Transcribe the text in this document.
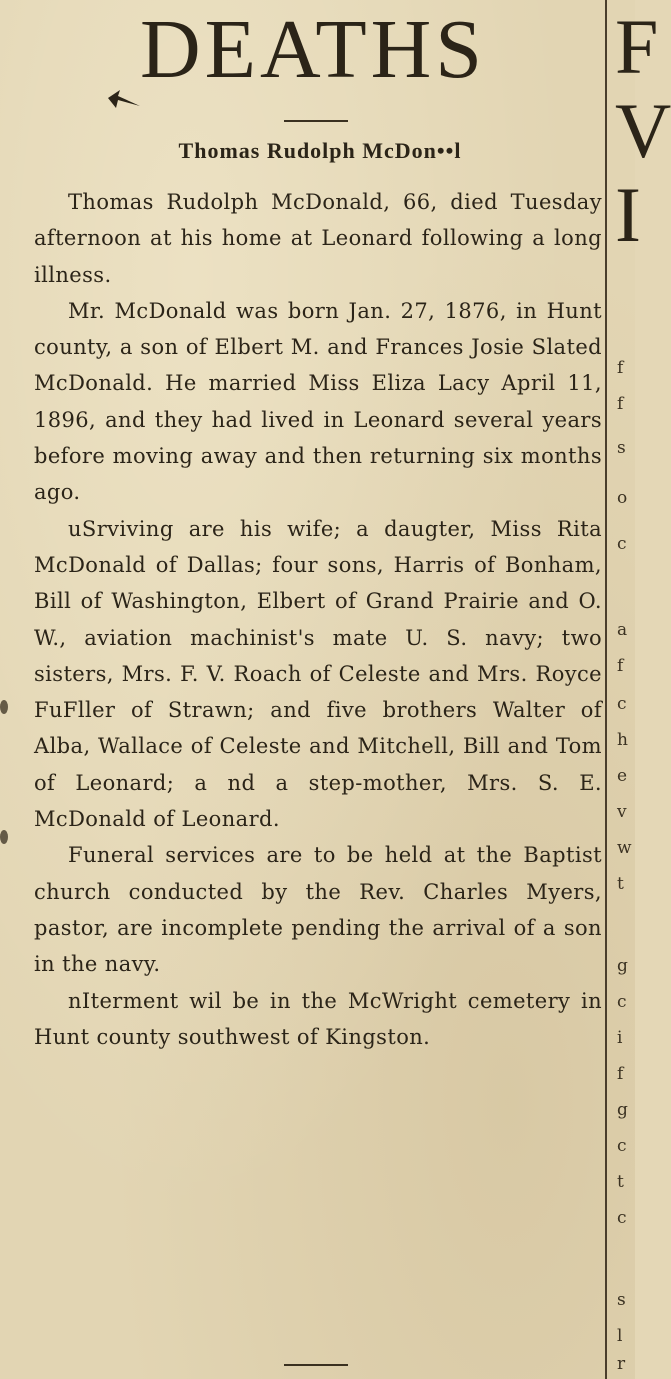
DEATHS
Thomas Rudolph McDon••l

Thomas Rudolph McDonald, 66, died Tuesday afternoon at his home at Leonard following a long illness.

Mr. McDonald was born Jan. 27, 1876, in Hunt county, a son of Elbert M. and Frances Josie Slated McDonald. He married Miss Eliza Lacy April 11, 1896, and they had lived in Leonard several years before moving away and then returning six months ago.

uSrviving are his wife; a daugter, Miss Rita McDonald of Dallas; four sons, Harris of Bonham, Bill of Washington, Elbert of Grand Prairie and O. W., aviation machinist's mate U. S. navy; two sisters, Mrs. F. V. Roach of Celeste and Mrs. Royce FuFller of Strawn; and five brothers Walter of Alba, Wallace of Celeste and Mitchell, Bill and Tom of Leonard; a nd a step-mother, Mrs. S. E. McDonald of Leonard.

Funeral services are to be held at the Baptist church conducted by the Rev. Charles Myers, pastor, are incomplete pending the arrival of a son in the navy.

nIterment wil be in the McWright cemetery in Hunt county southwest of Kingston.

F
V
I
f
f
s
o
c
a
f
c
h
e
v
w
t
g
c
i
f
g
c
t
c
s
l
r
